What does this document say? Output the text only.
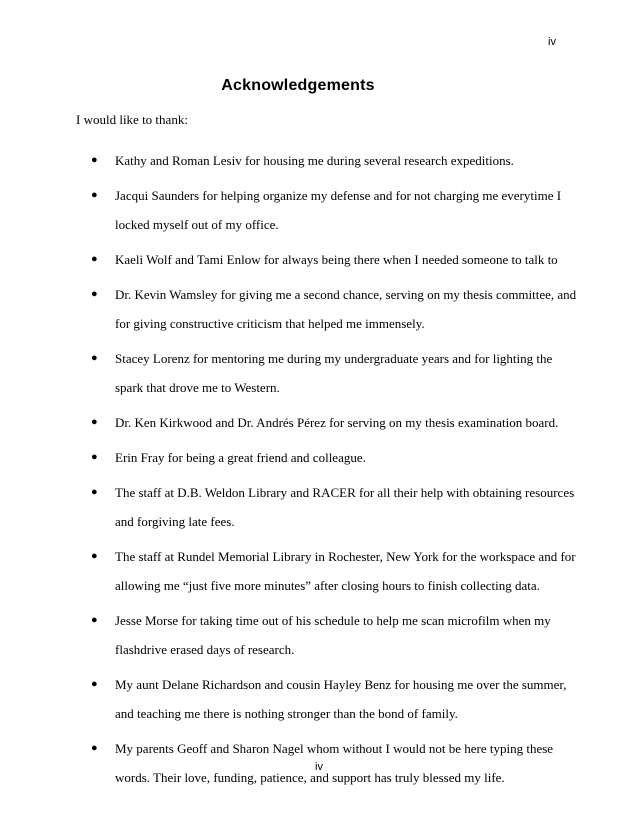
iv
Acknowledgements
I would like to thank:
● Kathy and Roman Lesiv for housing me during several research expeditions.
● Jacqui Saunders for helping organize my defense and for not charging me everytime I locked myself out of my office.
● Kaeli Wolf and Tami Enlow for always being there when I needed someone to talk to
● Dr. Kevin Wamsley for giving me a second chance, serving on my thesis committee, and for giving constructive criticism that helped me immensely.
● Stacey Lorenz for mentoring me during my undergraduate years and for lighting the spark that drove me to Western.
● Dr. Ken Kirkwood and Dr. Andrés Pérez for serving on my thesis examination board.
● Erin Fray for being a great friend and colleague.
● The staff at D.B. Weldon Library and RACER for all their help with obtaining resources and forgiving late fees.
● The staff at Rundel Memorial Library in Rochester, New York for the workspace and for allowing me “just five more minutes” after closing hours to finish collecting data.
● Jesse Morse for taking time out of his schedule to help me scan microfilm when my flashdrive erased days of research.
● My aunt Delane Richardson and cousin Hayley Benz for housing me over the summer, and teaching me there is nothing stronger than the bond of family.
● My parents Geoff and Sharon Nagel whom without I would not be here typing these words. Their love, funding, patience, and support has truly blessed my life.
iv
